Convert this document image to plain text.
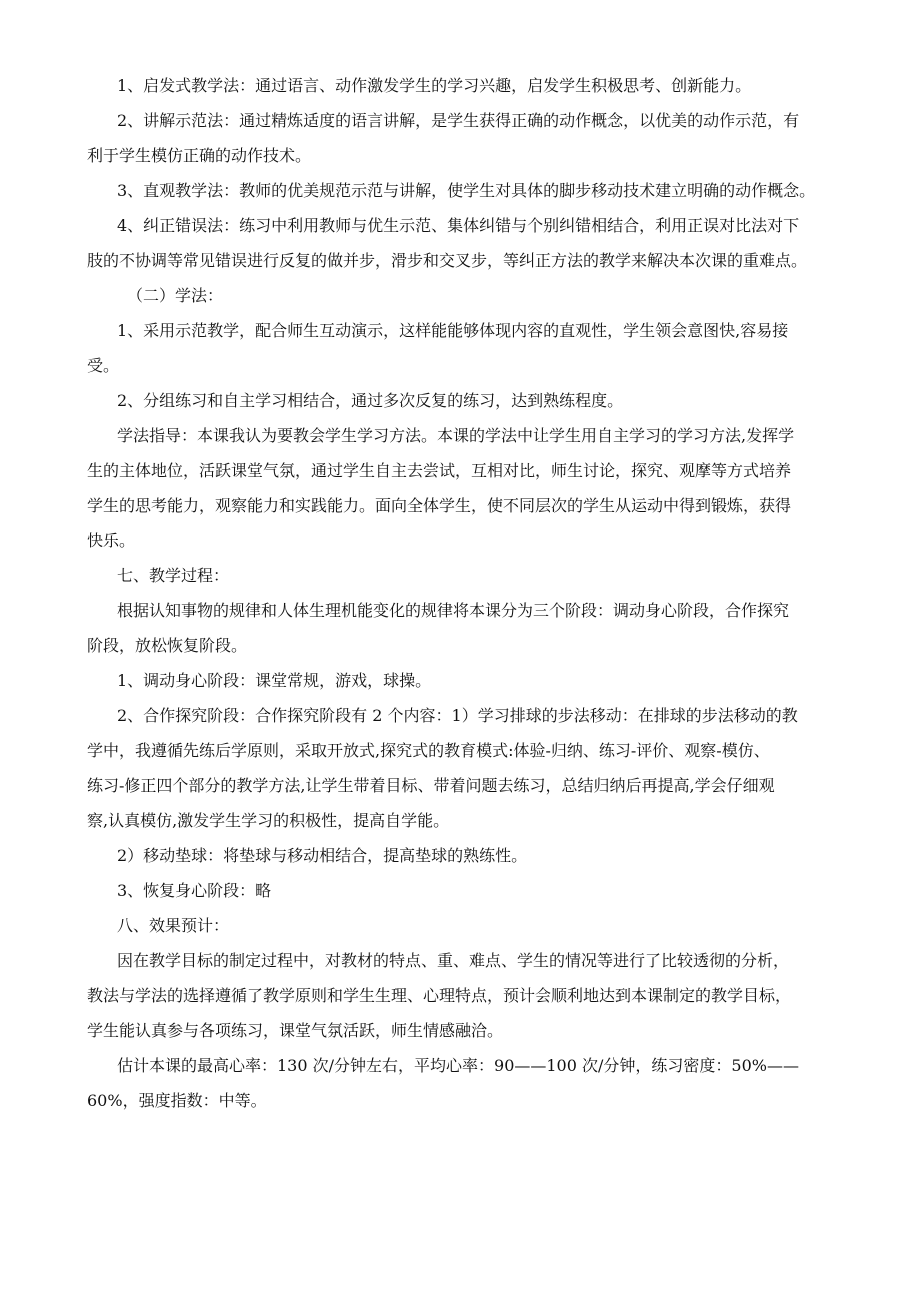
1、启发式教学法：通过语言、动作激发学生的学习兴趣，启发学生积极思考、创新能力。

2、讲解示范法：通过精炼适度的语言讲解，是学生获得正确的动作概念，以优美的动作示范，有
利于学生模仿正确的动作技术。

3、直观教学法：教师的优美规范示范与讲解，使学生对具体的脚步移动技术建立明确的动作概念。

4、纠正错误法：练习中利用教师与优生示范、集体纠错与个别纠错相结合，利用正误对比法对下
肢的不协调等常见错误进行反复的做并步，滑步和交叉步，等纠正方法的教学来解决本次课的重难点。

（二）学法：

1、采用示范教学，配合师生互动演示，这样能能够体现内容的直观性，学生领会意图快,容易接
受。

2、分组练习和自主学习相结合，通过多次反复的练习，达到熟练程度。

学法指导：本课我认为要教会学生学习方法。本课的学法中让学生用自主学习的学习方法,发挥学
生的主体地位，活跃课堂气氛，通过学生自主去尝试，互相对比，师生讨论，探究、观摩等方式培养
学生的思考能力，观察能力和实践能力。面向全体学生，使不同层次的学生从运动中得到锻炼，获得
快乐。

七、教学过程：

根据认知事物的规律和人体生理机能变化的规律将本课分为三个阶段：调动身心阶段，合作探究
阶段，放松恢复阶段。

1、调动身心阶段：课堂常规，游戏，球操。

2、合作探究阶段：合作探究阶段有 2 个内容：1）学习排球的步法移动：在排球的步法移动的教
学中，我遵循先练后学原则，采取开放式,探究式的教育模式:体验-归纳、练习-评价、观察-模仿、
练习-修正四个部分的教学方法,让学生带着目标、带着问题去练习，总结归纳后再提高,学会仔细观
察,认真模仿,激发学生学习的积极性，提高自学能。

2）移动垫球：将垫球与移动相结合，提高垫球的熟练性。

3、恢复身心阶段：略

八、效果预计：

因在教学目标的制定过程中，对教材的特点、重、难点、学生的情况等进行了比较透彻的分析，
教法与学法的选择遵循了教学原则和学生生理、心理特点，预计会顺利地达到本课制定的教学目标，
学生能认真参与各项练习，课堂气氛活跃，师生情感融洽。

估计本课的最高心率：130 次/分钟左右，平均心率：90——100 次/分钟，练习密度：50%——
60%，强度指数：中等。
